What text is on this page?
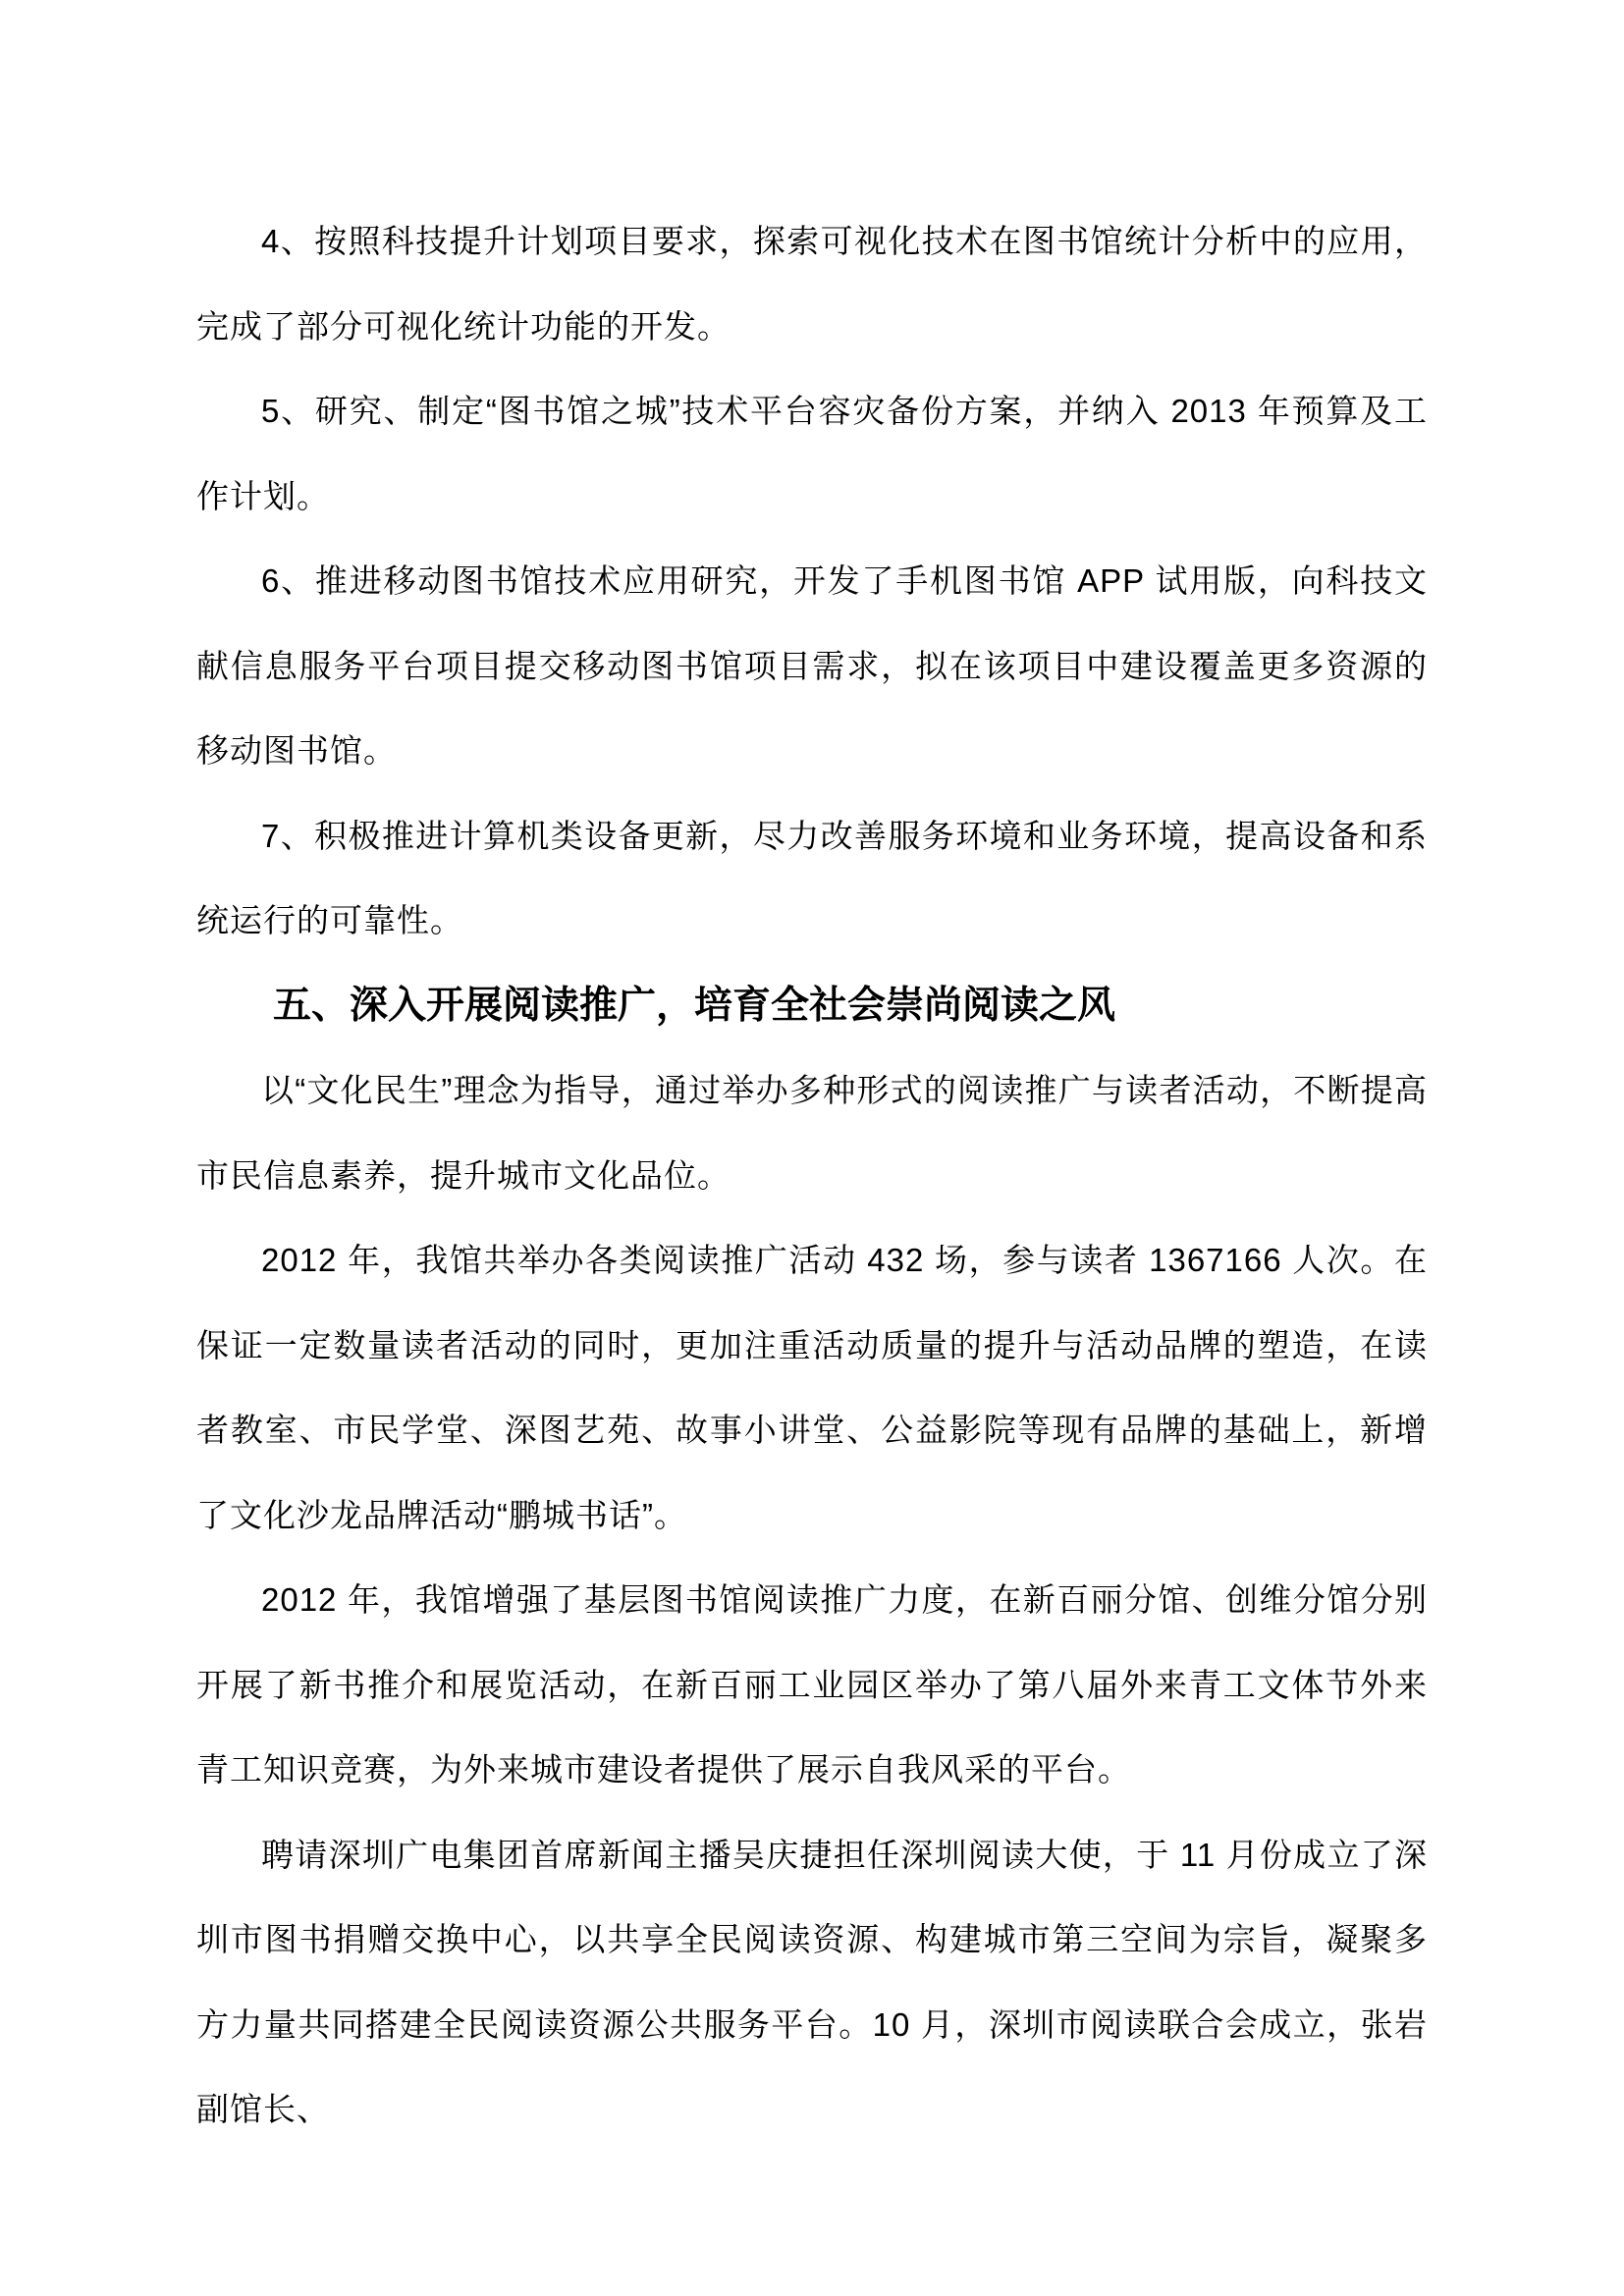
4、按照科技提升计划项目要求，探索可视化技术在图书馆统计分析中的应用，完成了部分可视化统计功能的开发。

5、研究、制定“图书馆之城”技术平台容灾备份方案，并纳入 2013 年预算及工作计划。

6、推进移动图书馆技术应用研究，开发了手机图书馆 APP 试用版，向科技文献信息服务平台项目提交移动图书馆项目需求，拟在该项目中建设覆盖更多资源的移动图书馆。

7、积极推进计算机类设备更新，尽力改善服务环境和业务环境，提高设备和系统运行的可靠性。

五、深入开展阅读推广，培育全社会崇尚阅读之风

以“文化民生”理念为指导，通过举办多种形式的阅读推广与读者活动，不断提高市民信息素养，提升城市文化品位。

2012 年，我馆共举办各类阅读推广活动 432 场，参与读者 1367166 人次。在保证一定数量读者活动的同时，更加注重活动质量的提升与活动品牌的塑造，在读者教室、市民学堂、深图艺苑、故事小讲堂、公益影院等现有品牌的基础上，新增了文化沙龙品牌活动“鹏城书话”。

2012 年，我馆增强了基层图书馆阅读推广力度，在新百丽分馆、创维分馆分别开展了新书推介和展览活动，在新百丽工业园区举办了第八届外来青工文体节外来青工知识竞赛，为外来城市建设者提供了展示自我风采的平台。

聘请深圳广电集团首席新闻主播吴庆捷担任深圳阅读大使，于 11 月份成立了深圳市图书捐赠交换中心，以共享全民阅读资源、构建城市第三空间为宗旨，凝聚多方力量共同搭建全民阅读资源公共服务平台。10 月，深圳市阅读联合会成立，张岩副馆长、
